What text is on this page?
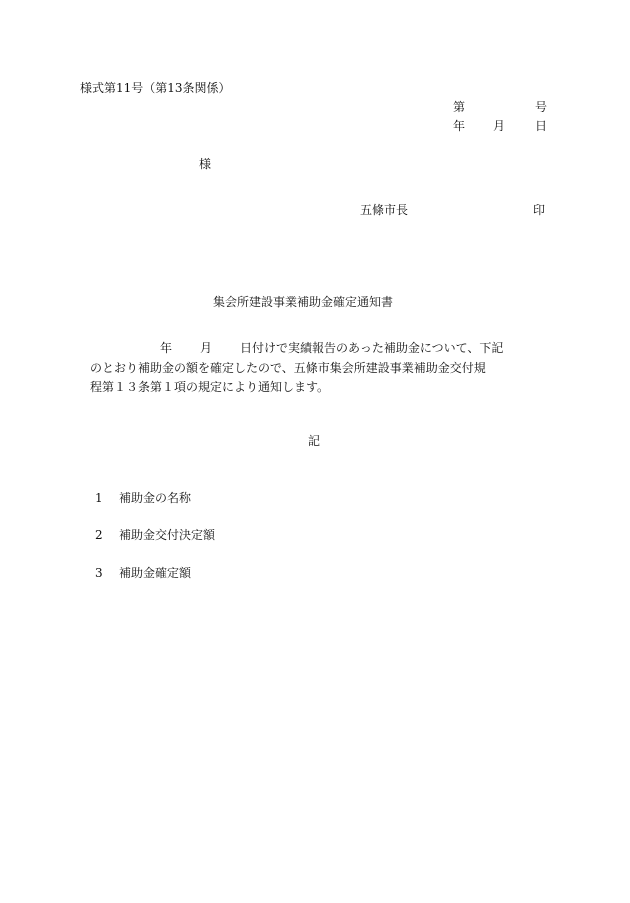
様式第11号（第13条関係）
第	号
年 月 日
様
五條市長	印
集会所建設事業補助金確定通知書
年 月 日付けで実績報告のあった補助金について、下記
のとおり補助金の額を確定したので、五條市集会所建設事業補助金交付規
程第１３条第１項の規定により通知します。
記
1 補助金の名称
2 補助金交付決定額
3 補助金確定額
